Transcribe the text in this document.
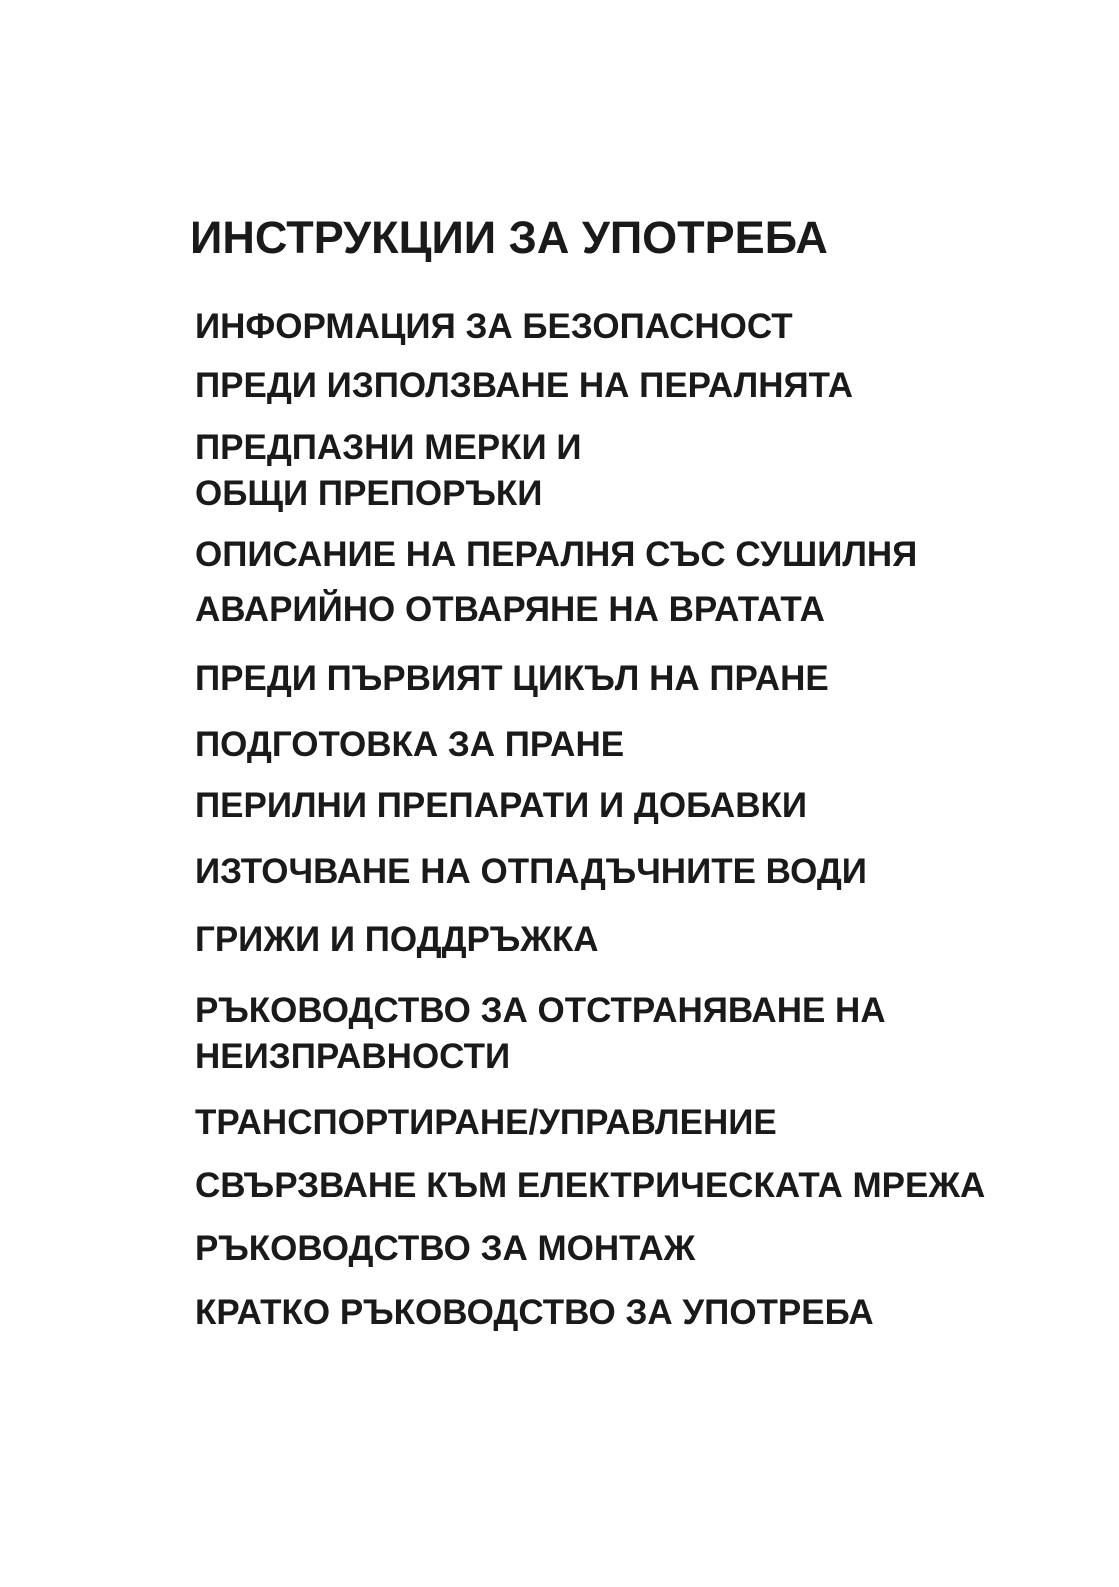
ИНСТРУКЦИИ ЗА УПОТРЕБА
ИНФОРМАЦИЯ ЗА БЕЗОПАСНОСТ
ПРЕДИ ИЗПОЛЗВАНЕ НА ПЕРАЛНЯТА
ПРЕДПАЗНИ МЕРКИ И
ОБЩИ ПРЕПОРЪКИ
ОПИСАНИЕ НА ПЕРАЛНЯ СЪС СУШИЛНЯ
АВАРИЙНО ОТВАРЯНЕ НА ВРАТАТА
ПРЕДИ ПЪРВИЯТ ЦИКЪЛ НА ПРАНЕ
ПОДГОТОВКА ЗА ПРАНЕ
ПЕРИЛНИ ПРЕПАРАТИ И ДОБАВКИ
ИЗТОЧВАНЕ НА ОТПАДЪЧНИТЕ ВОДИ
ГРИЖИ И ПОДДРЪЖКА
РЪКОВОДСТВО ЗА ОТСТРАНЯВАНЕ НА
НЕИЗПРАВНОСТИ
ТРАНСПОРТИРАНЕ/УПРАВЛЕНИЕ
СВЪРЗВАНЕ КЪМ ЕЛЕКТРИЧЕСКАТА МРЕЖА
РЪКОВОДСТВО ЗА МОНТАЖ
КРАТКО РЪКОВОДСТВО ЗА УПОТРЕБА
